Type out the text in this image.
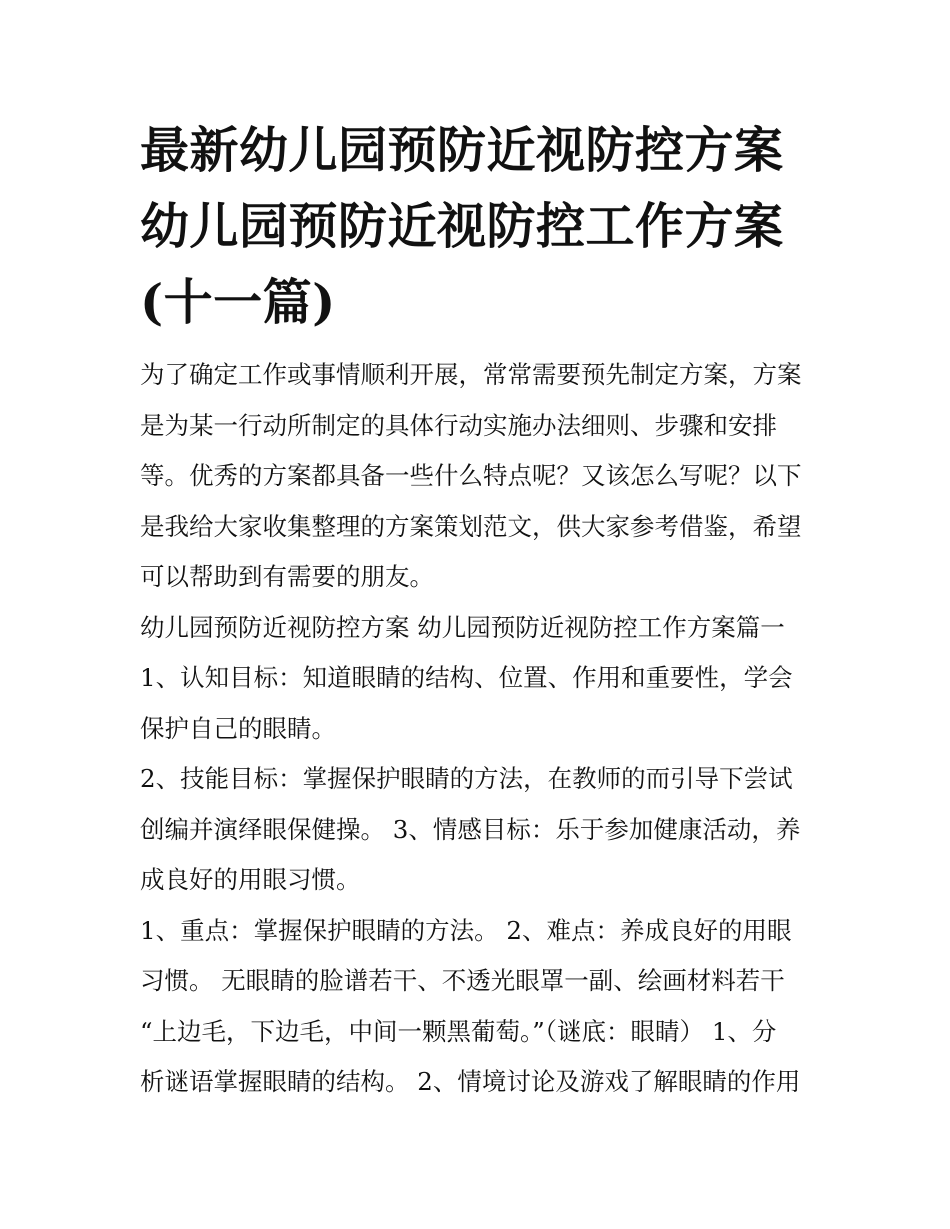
最新幼儿园预防近视防控方案
幼儿园预防近视防控工作方案
(十一篇)

为了确定工作或事情顺利开展，常常需要预先制定方案，方案
是为某一行动所制定的具体行动实施办法细则、步骤和安排
等。优秀的方案都具备一些什么特点呢？又该怎么写呢？以下
是我给大家收集整理的方案策划范文，供大家参考借鉴，希望
可以帮助到有需要的朋友。

幼儿园预防近视防控方案 幼儿园预防近视防控工作方案篇一

1、认知目标：知道眼睛的结构、位置、作用和重要性，学会
保护自己的眼睛。

2、技能目标：掌握保护眼睛的方法，在教师的而引导下尝试
创编并演绎眼保健操。 3、情感目标：乐于参加健康活动，养
成良好的用眼习惯。

1、重点：掌握保护眼睛的方法。 2、难点：养成良好的用眼
习惯。 无眼睛的脸谱若干、不透光眼罩一副、绘画材料若干
“上边毛，下边毛，中间一颗黑葡萄。”（谜底：眼睛） 1、分
析谜语掌握眼睛的结构。 2、情境讨论及游戏了解眼睛的作用
